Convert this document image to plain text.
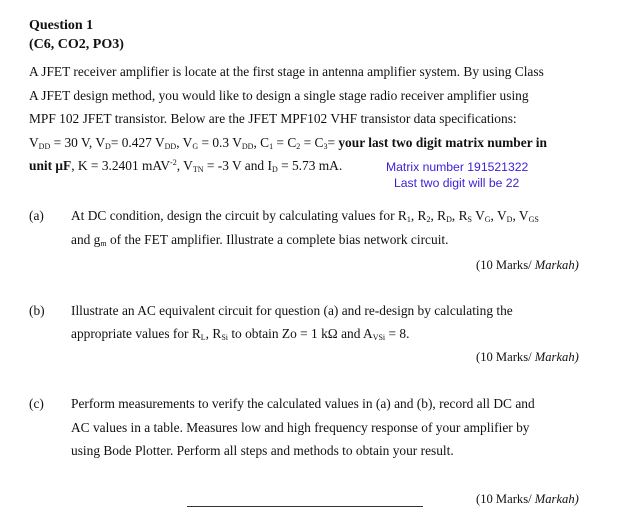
Question 1
(C6, CO2, PO3)
A JFET receiver amplifier is locate at the first stage in antenna amplifier system. By using Class
A JFET design method, you would like to design a single stage radio receiver amplifier using
MPF 102 JFET transistor. Below are the JFET MPF102 VHF transistor data specifications:
$V_{DD} = 30$ V, $V_D= 0.427$ $V_{DD}$, $V_G = 0.3$ $V_{DD}$, $C_1 = C_2 = C_3=$ your last two digit matrix number in
unit μF, K = 3.2401 mAV$^{-2}$, $V_{TN} = -3$ V and $I_D = 5.73$ mA.	Matrix number 191521322
Last two digit will be 22
(a) At DC condition, design the circuit by calculating values for $R_1$, $R_2$, $R_D$, $R_S$ $V_G$, $V_D$, $V_{GS}$
and $g_m$ of the FET amplifier. Illustrate a complete bias network circuit.
(10 Marks/ Markah)
(b) Illustrate an AC equivalent circuit for question (a) and re-design by calculating the
appropriate values for $R_L$, $R_{Si}$ to obtain Zo = 1 kΩ and $A_{VSi} = 8$.
(10 Marks/ Markah)
(c) Perform measurements to verify the calculated values in (a) and (b), record all DC and
AC values in a table. Measures low and high frequency response of your amplifier by
using Bode Plotter. Perform all steps and methods to obtain your result.
(10 Marks/ Markah)
